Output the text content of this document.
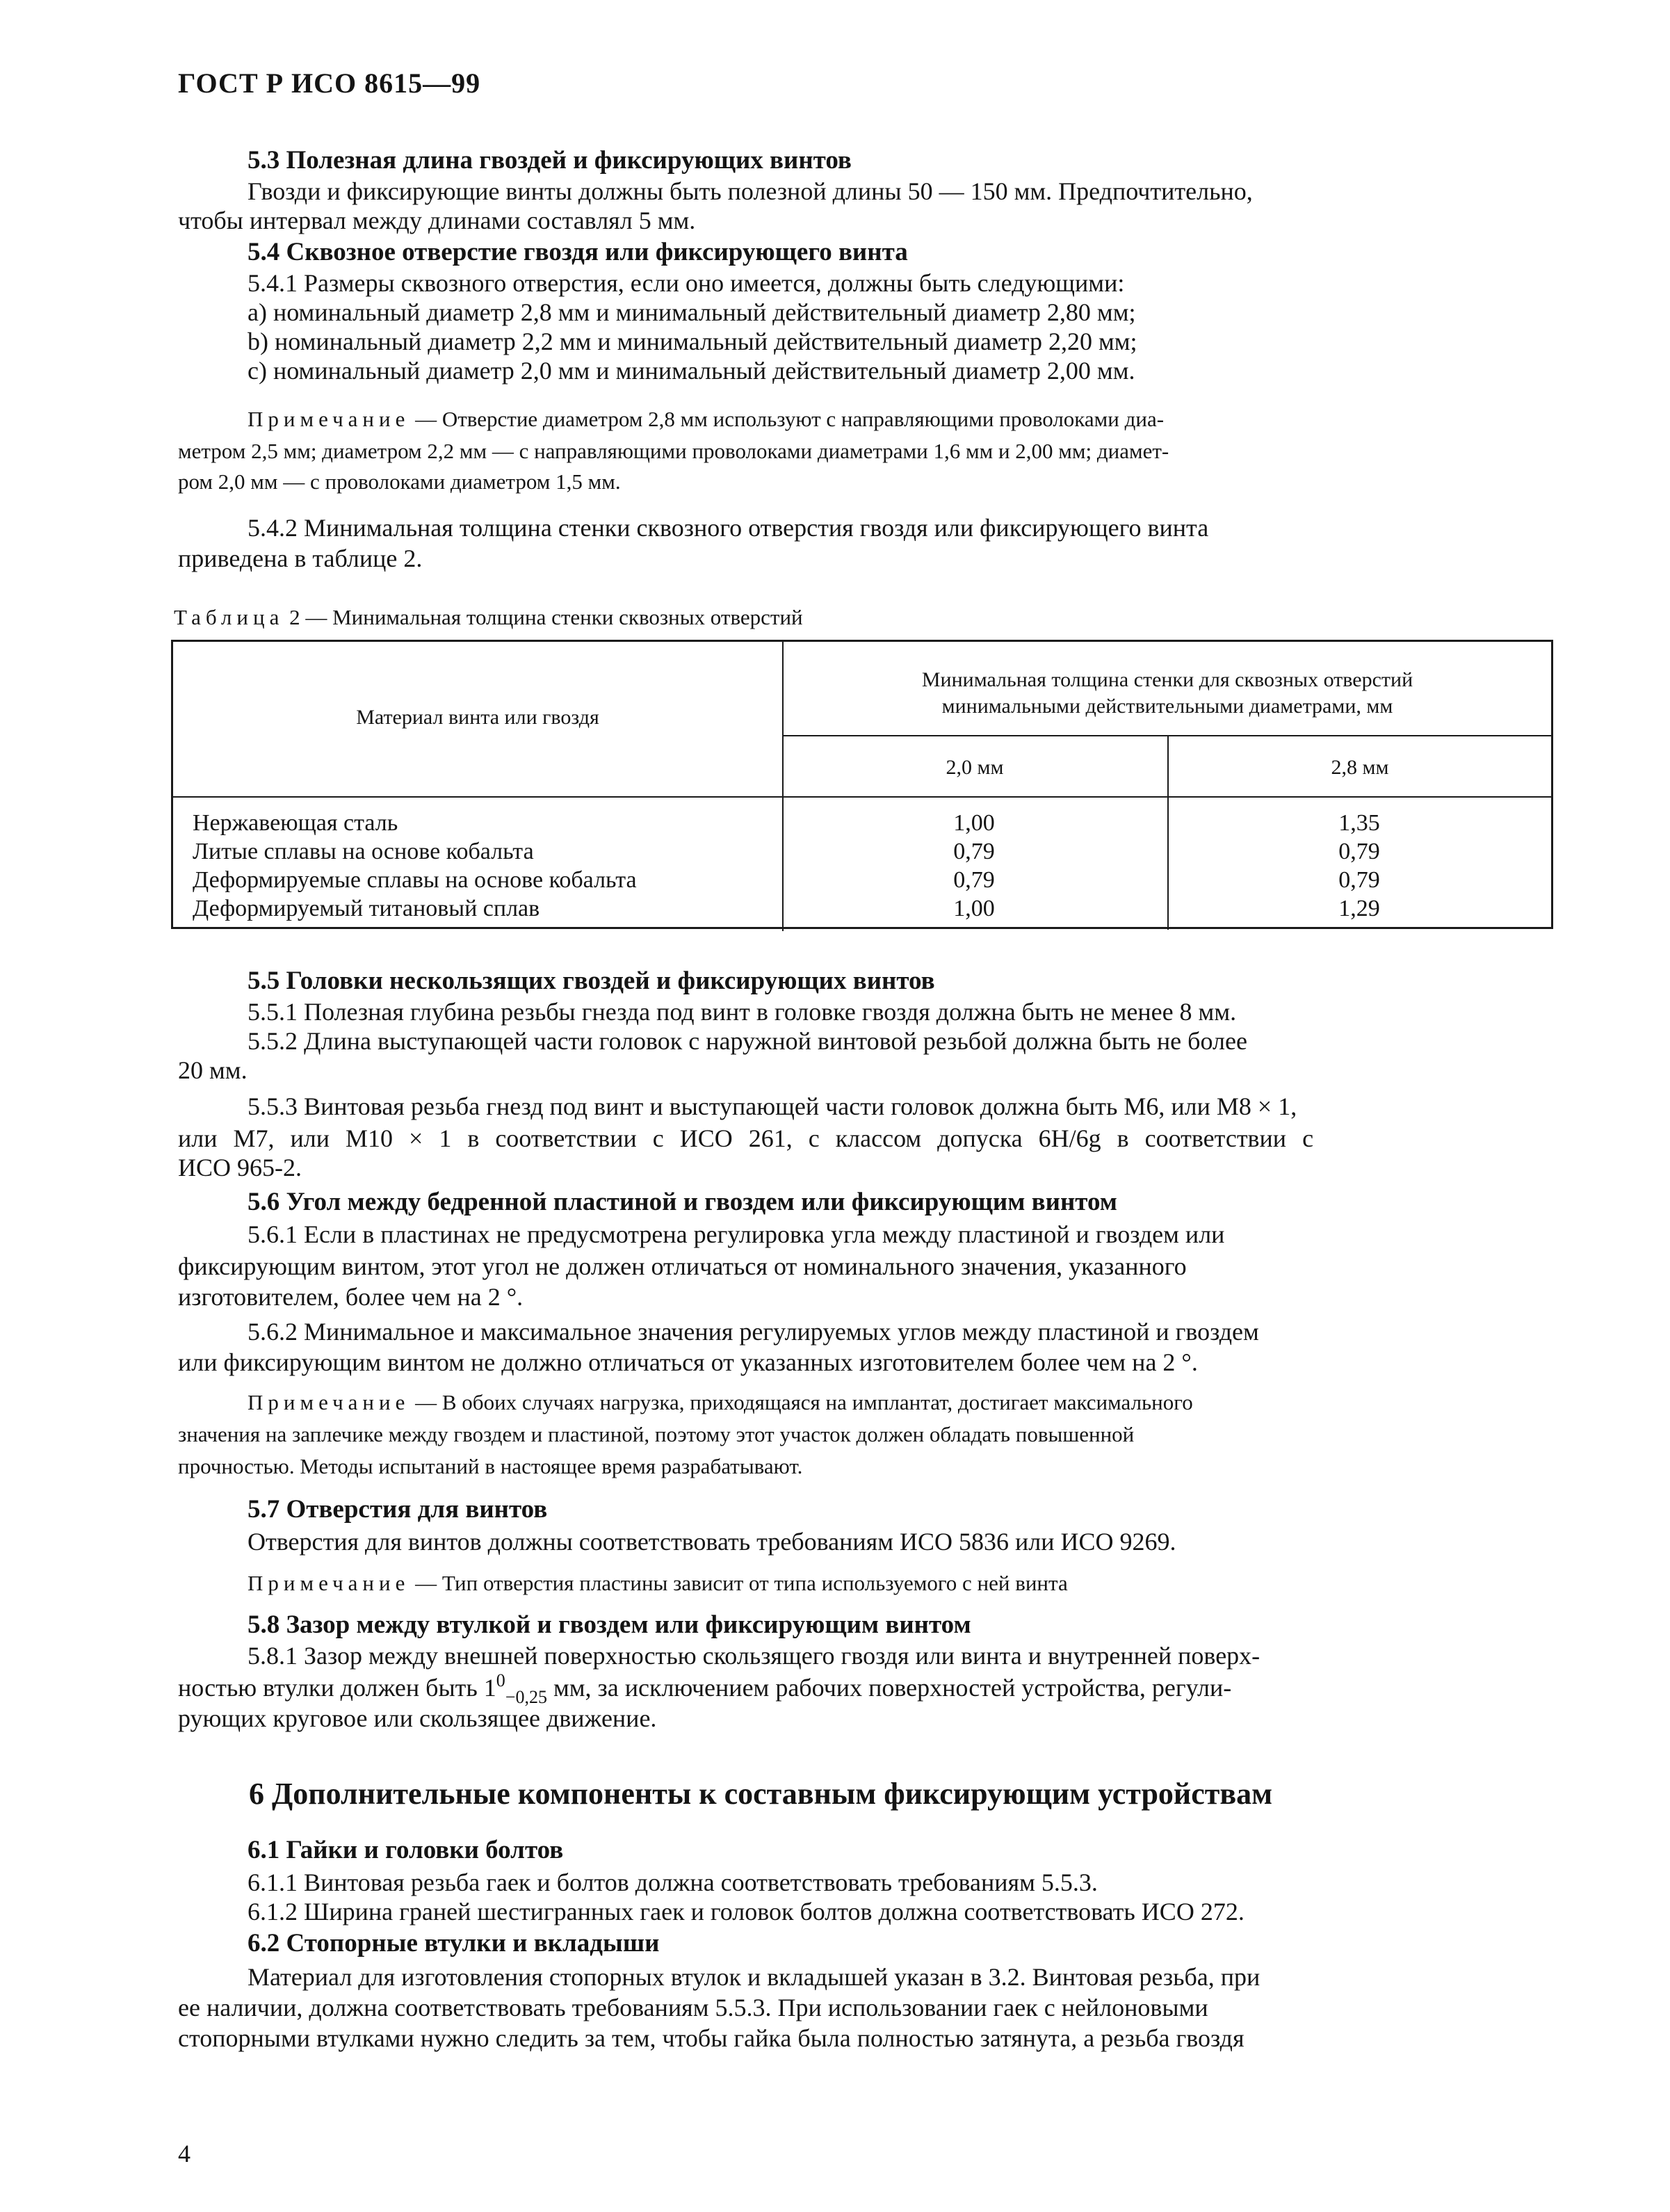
ГОСТ Р ИСО 8615—99
5.3 Полезная длина гвоздей и фиксирующих винтов
Гвозди и фиксирующие винты должны быть полезной длины 50 — 150 мм. Предпочтительно,
чтобы интервал между длинами составлял 5 мм.
5.4 Сквозное отверстие гвоздя или фиксирующего винта
5.4.1 Размеры сквозного отверстия, если оно имеется, должны быть следующими:
a) номинальный диаметр 2,8 мм и минимальный действительный диаметр 2,80 мм;
b) номинальный диаметр 2,2 мм и минимальный действительный диаметр 2,20 мм;
c) номинальный диаметр 2,0 мм и минимальный действительный диаметр 2,00 мм.
Примечание — Отверстие диаметром 2,8 мм используют с направляющими проволоками диа-
метром 2,5 мм; диаметром 2,2 мм — с направляющими проволоками диаметрами 1,6 мм и 2,00 мм; диамет-
ром 2,0 мм — с проволоками диаметром 1,5 мм.
5.4.2 Минимальная толщина стенки сквозного отверстия гвоздя или фиксирующего винта
приведена в таблице 2.
Таблица 2 — Минимальная толщина стенки сквозных отверстий
Материал винта или гвоздя
Минимальная толщина стенки для сквозных отверстий
минимальными действительными диаметрами, мм
2,0 мм	2,8 мм
Нержавеющая сталь
Литые сплавы на основе кобальта
Деформируемые сплавы на основе кобальта
Деформируемый титановый сплав
1,00
0,79
0,79
1,00
1,35
0,79
0,79
1,29
5.5 Головки нескользящих гвоздей и фиксирующих винтов
5.5.1 Полезная глубина резьбы гнезда под винт в головке гвоздя должна быть не менее 8 мм.
5.5.2 Длина выступающей части головок с наружной винтовой резьбой должна быть не более
20 мм.
5.5.3 Винтовая резьба гнезд под винт и выступающей части головок должна быть М6, или М8 × 1,
или М7, или М10 × 1 в соответствии с ИСО 261, с классом допуска 6H/6g в соответствии с
ИСО 965-2.
5.6 Угол между бедренной пластиной и гвоздем или фиксирующим винтом
5.6.1 Если в пластинах не предусмотрена регулировка угла между пластиной и гвоздем или
фиксирующим винтом, этот угол не должен отличаться от номинального значения, указанного
изготовителем, более чем на 2 °.
5.6.2 Минимальное и максимальное значения регулируемых углов между пластиной и гвоздем
или фиксирующим винтом не должно отличаться от указанных изготовителем более чем на 2 °.
Примечание — В обоих случаях нагрузка, приходящаяся на имплантат, достигает максимального
значения на заплечике между гвоздем и пластиной, поэтому этот участок должен обладать повышенной
прочностью. Методы испытаний в настоящее время разрабатывают.
5.7 Отверстия для винтов
Отверстия для винтов должны соответствовать требованиям ИСО 5836 или ИСО 9269.
Примечание — Тип отверстия пластины зависит от типа используемого с ней винта
5.8 Зазор между втулкой и гвоздем или фиксирующим винтом
5.8.1 Зазор между внешней поверхностью скользящего гвоздя или винта и внутренней поверх-
ностью втулки должен быть $1^0_{-0,25}$ мм, за исключением рабочих поверхностей устройства, регули-
рующих круговое или скользящее движение.
6 Дополнительные компоненты к составным фиксирующим устройствам
6.1 Гайки и головки болтов
6.1.1 Винтовая резьба гаек и болтов должна соответствовать требованиям 5.5.3.
6.1.2 Ширина граней шестигранных гаек и головок болтов должна соответствовать ИСО 272.
6.2 Стопорные втулки и вкладыши
Материал для изготовления стопорных втулок и вкладышей указан в 3.2. Винтовая резьба, при
ее наличии, должна соответствовать требованиям 5.5.3. При использовании гаек с нейлоновыми
стопорными втулками нужно следить за тем, чтобы гайка была полностью затянута, а резьба гвоздя
4
